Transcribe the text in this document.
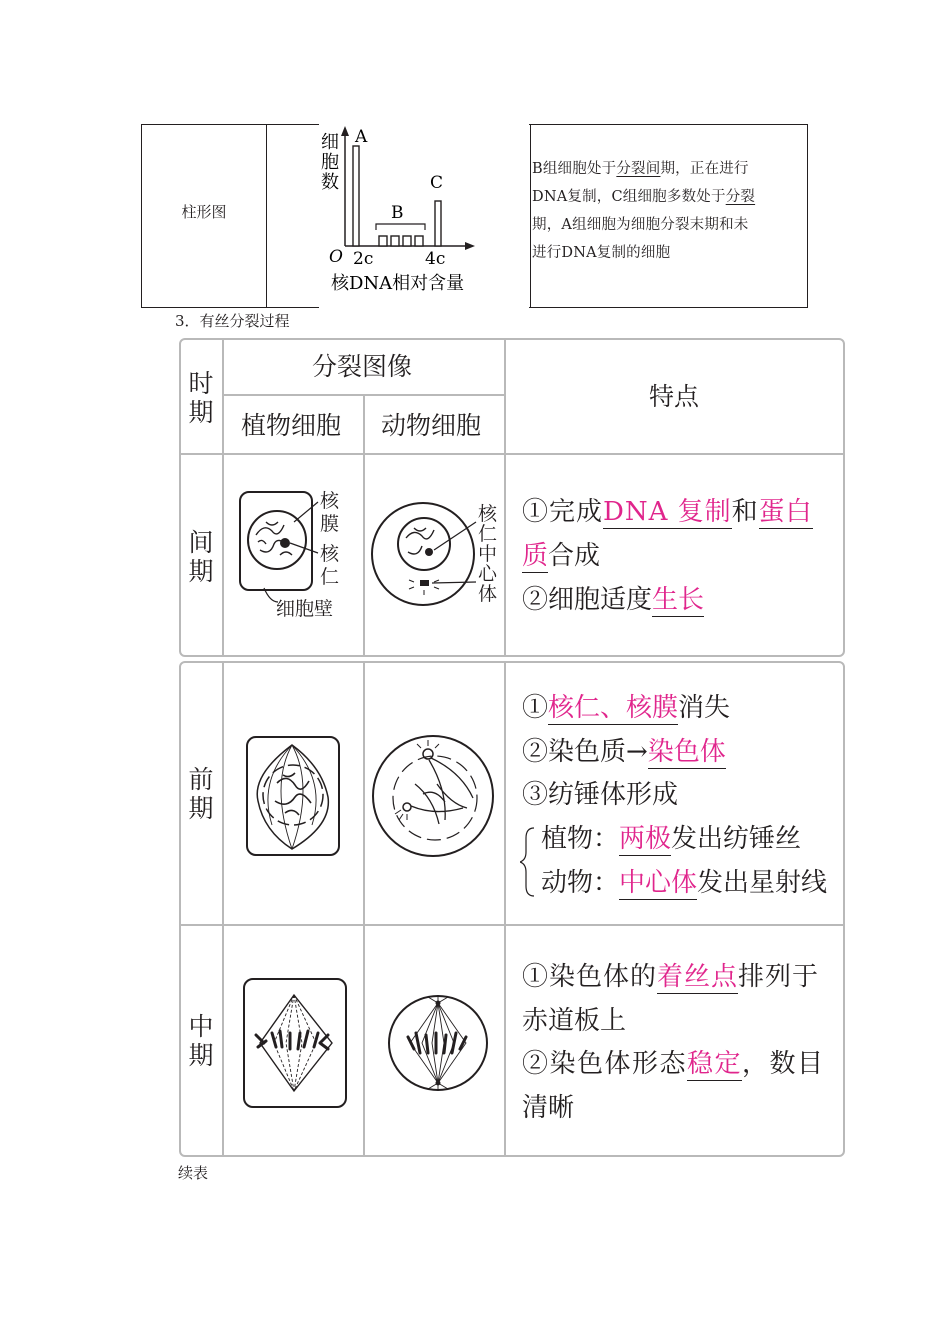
柱形图
细
胞
数
A
B
C
O 2c	4c
核DNA相对含量
B组细胞处于分裂间期，正在进行
DNA复制，C组细胞多数处于分裂
期，A组细胞为细胞分裂末期和未
进行DNA复制的细胞
3．有丝分裂过程
时
期
分裂图像
植物细胞 动物细胞
特点
间
期
核
膜
核
仁
细胞壁
核
仁
中
心
体
①完成DNA 复制和蛋白
质合成
②细胞适度生长
前
期
①核仁、核膜消失
②染色质→染色体
③纺锤体形成
植物：两极发出纺锤丝
动物：中心体发出星射线
中
期
①染色体的着丝点排列于
赤道板上
②染色体形态稳定，数目
清晰
续表
